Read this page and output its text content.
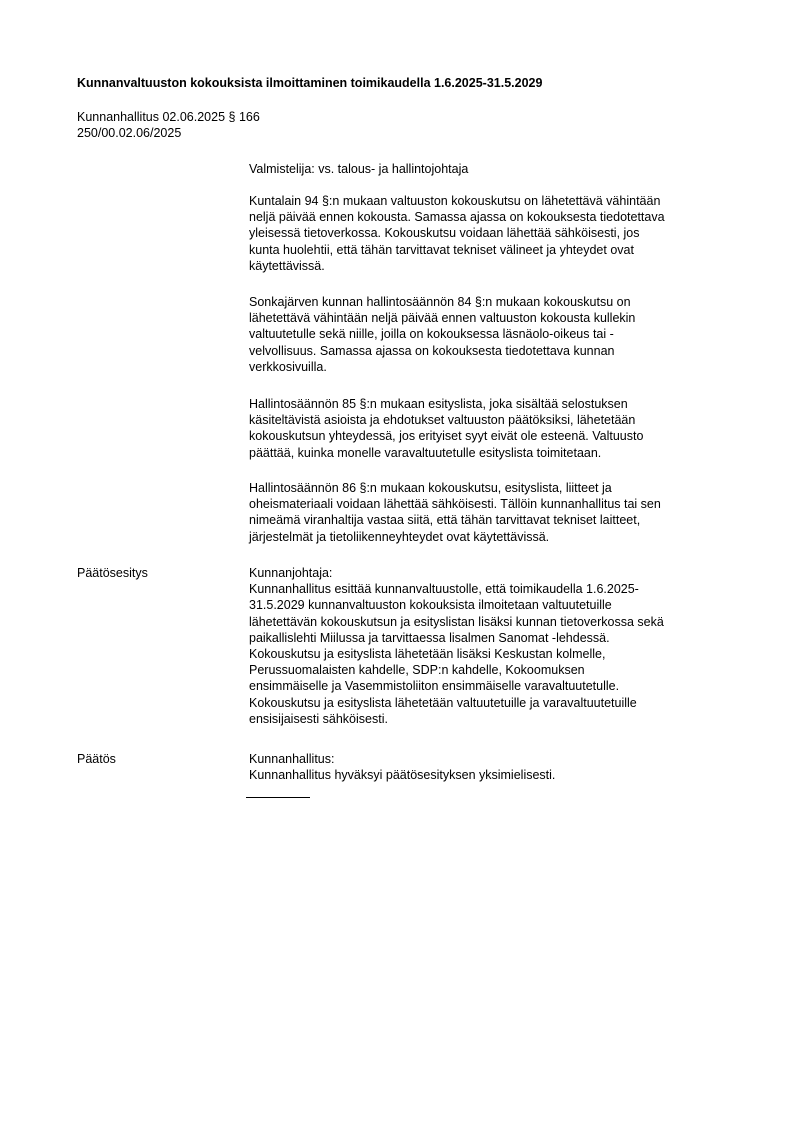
Kunnanvaltuuston kokouksista ilmoittaminen toimikaudella 1.6.2025-31.5.2029
Kunnanhallitus 02.06.2025 § 166
250/00.02.06/2025

Valmistelija: vs. talous- ja hallintojohtaja

Kuntalain 94 §:n mukaan valtuuston kokouskutsu on lähetettävä vähintään
neljä päivää ennen kokousta. Samassa ajassa on kokouksesta tiedotettava
yleisessä tietoverkossa. Kokouskutsu voidaan lähettää sähköisesti, jos
kunta huolehtii, että tähän tarvittavat tekniset välineet ja yhteydet ovat
käytettävissä.

Sonkajärven kunnan hallintosäännön 84 §:n mukaan kokouskutsu on
lähetettävä vähintään neljä päivää ennen valtuuston kokousta kullekin
valtuutetulle sekä niille, joilla on kokouksessa läsnäolo-oikeus tai -
velvollisuus. Samassa ajassa on kokouksesta tiedotettava kunnan
verkkosivuilla.

Hallintosäännön 85 §:n mukaan esityslista, joka sisältää selostuksen
käsiteltävistä asioista ja ehdotukset valtuuston päätöksiksi, lähetetään
kokouskutsun yhteydessä, jos erityiset syyt eivät ole esteenä. Valtuusto
päättää, kuinka monelle varavaltuutetulle esityslista toimitetaan.

Hallintosäännön 86 §:n mukaan kokouskutsu, esityslista, liitteet ja
oheismateriaali voidaan lähettää sähköisesti. Tällöin kunnanhallitus tai sen
nimeämä viranhaltija vastaa siitä, että tähän tarvittavat tekniset laitteet,
järjestelmät ja tietoliikenneyhteydet ovat käytettävissä.

Päätösesitys	Kunnanjohtaja:

Kunnanhallitus esittää kunnanvaltuustolle, että toimikaudella 1.6.2025-
31.5.2029 kunnanvaltuuston kokouksista ilmoitetaan valtuutetuille
lähetettävän kokouskutsun ja esityslistan lisäksi kunnan tietoverkossa sekä
paikallislehti Miilussa ja tarvittaessa lisalmen Sanomat -lehdessä.
Kokouskutsu ja esityslista lähetetään lisäksi Keskustan kolmelle,
Perussuomalaisten kahdelle, SDP:n kahdelle, Kokoomuksen
ensimmäiselle ja Vasemmistoliiton ensimmäiselle varavaltuutetulle.
Kokouskutsu ja esityslista lähetetään valtuutetuille ja varavaltuutetuille
ensisijaisesti sähköisesti.

Päätös	Kunnanhallitus:

Kunnanhallitus hyväksyi päätösesityksen yksimielisesti.
